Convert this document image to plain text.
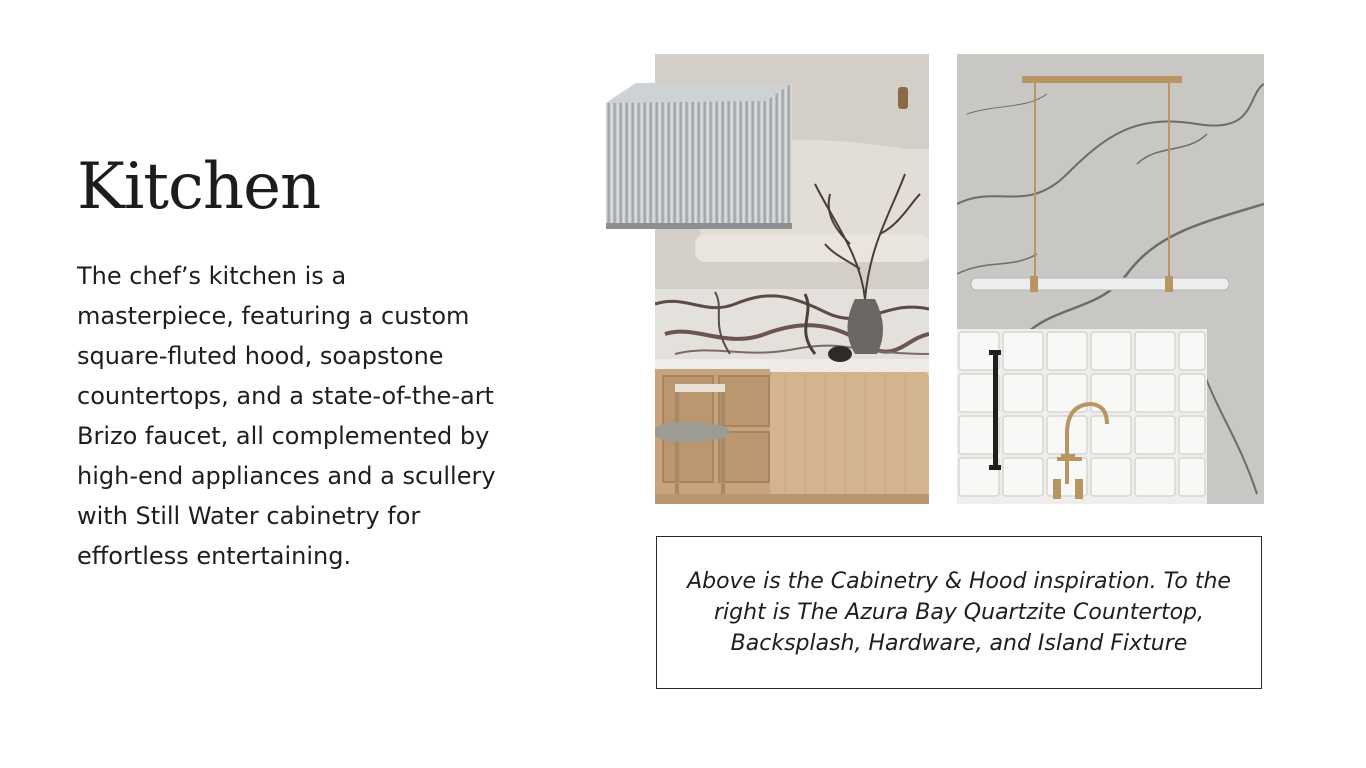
Kitchen

The chef’s kitchen is a masterpiece, featuring a custom square-fluted hood, soapstone countertops, and a state-of-the-art Brizo faucet, all complemented by high-end appliances and a scullery with Still Water cabinetry for effortless entertaining.

Above is the Cabinetry & Hood inspiration. To the right is The Azura Bay Quartzite Countertop, Backsplash, Hardware, and Island Fixture
